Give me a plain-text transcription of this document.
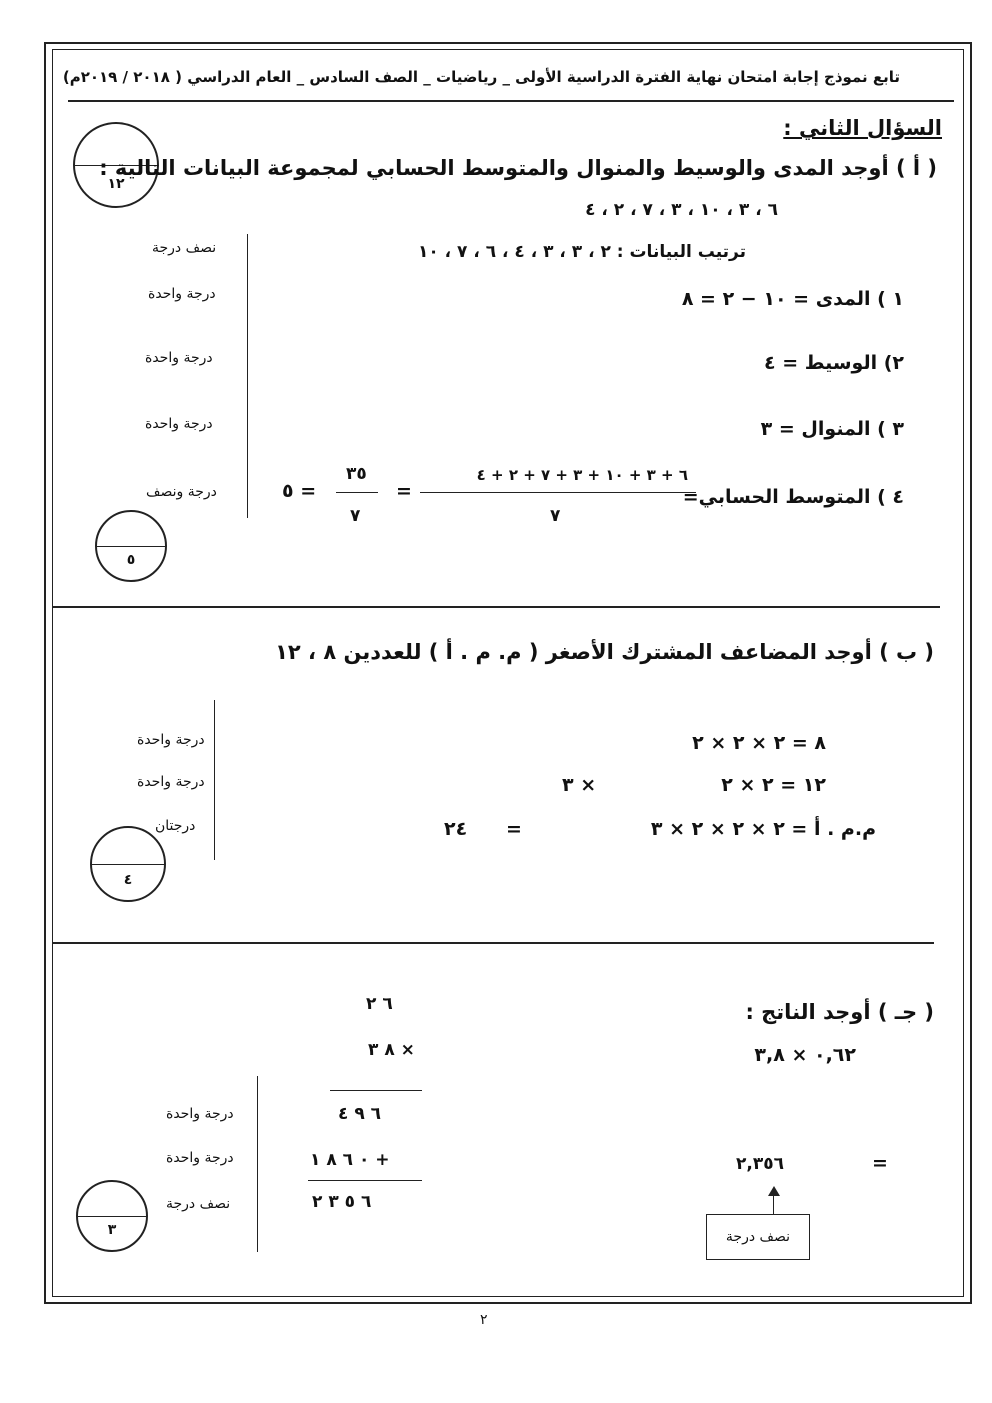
تابع نموذج إجابة امتحان نهاية الفترة الدراسية الأولى _ رياضيات _ الصف السادس _ العام الدراسي ( ٢٠١٨ / ٢٠١٩م)
السؤال الثاني :
١٢
( أ ) أوجد المدى والوسيط والمنوال والمتوسط الحسابي لمجموعة البيانات التالية :
٦ ، ٣ ، ١٠ ، ٣ ، ٧ ، ٢ ، ٤
نصف درجة
درجة واحدة
درجة واحدة
درجة واحدة
درجة ونصف
ترتيب البيانات : ٢ ، ٣ ، ٣ ، ٤ ، ٦ ، ٧ ، ١٠
١ ) المدى = ١٠ − ٢ = ٨
٢) الوسيط = ٤
٣ ) المنوال = ٣
٤ ) المتوسط الحسابي=
٦ + ٣ + ١٠ + ٣ + ٧ + ٢ + ٤
٧
=
٣٥
٧
= ٥
٥
( ب ) أوجد المضاعف المشترك الأصغر ( م. م . أ ) للعددين ٨ ، ١٢
درجة واحدة
درجة واحدة
درجتان
٨ = ٢ × ٢ × ٢
١٢ = ٢ × ٢
× ٣
م.م . أ = ٢ × ٢ × ٢ × ٣
=
٢٤
٤
( جـ ) أوجد الناتج :
٠,٦٢ × ٣,٨
٦ ٢
× ٨ ٣
٦ ٩ ٤
+ ٠ ٦ ٨ ١
٦ ٥ ٣ ٢
درجة واحدة
درجة واحدة
نصف درجة
=
٢,٣٥٦
نصف درجة
٣
٢
